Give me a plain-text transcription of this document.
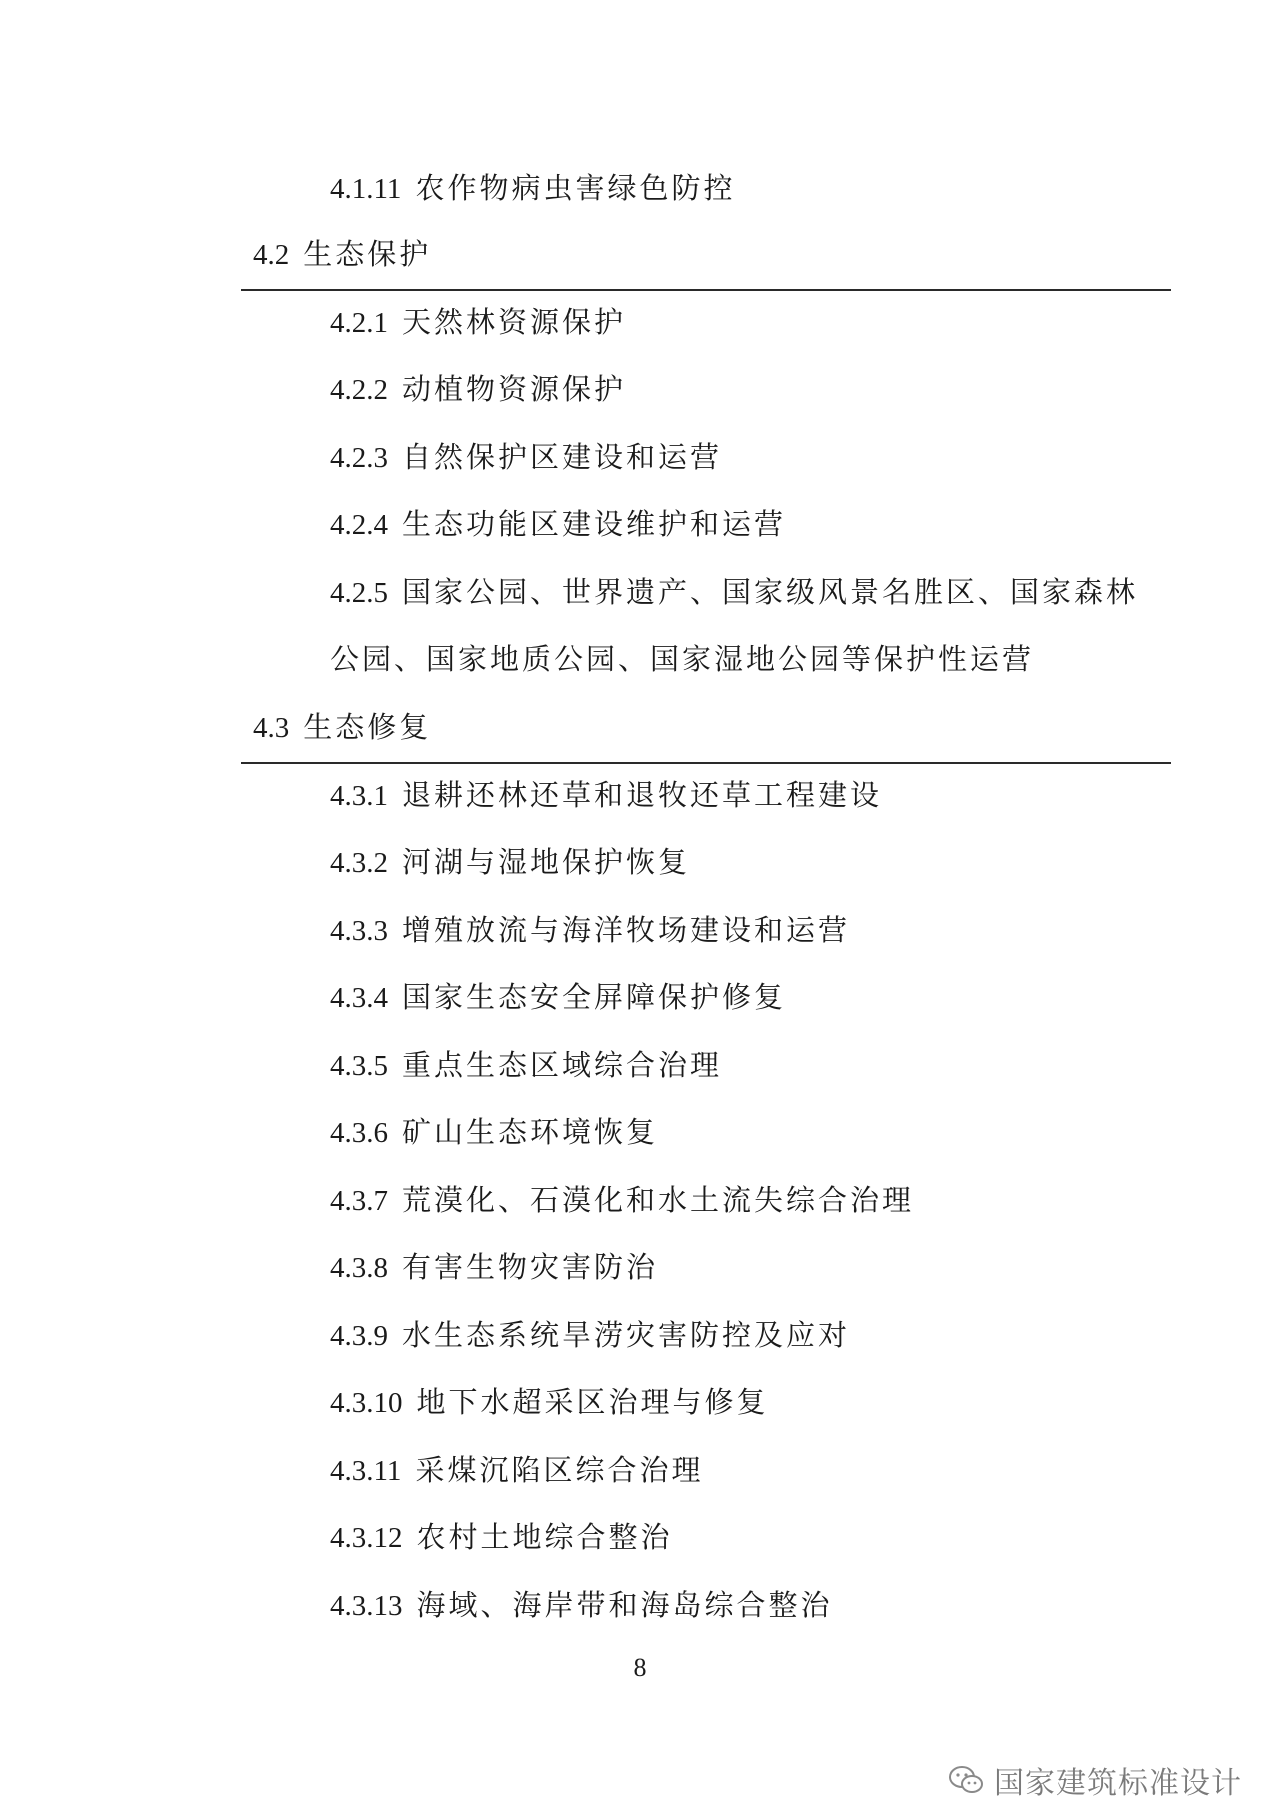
4.1.11 农作物病虫害绿色防控
4.2 生态保护
4.2.1 天然林资源保护
4.2.2 动植物资源保护
4.2.3 自然保护区建设和运营
4.2.4 生态功能区建设维护和运营
4.2.5 国家公园、世界遗产、国家级风景名胜区、国家森林
公园、国家地质公园、国家湿地公园等保护性运营
4.3 生态修复
4.3.1 退耕还林还草和退牧还草工程建设
4.3.2 河湖与湿地保护恢复
4.3.3 增殖放流与海洋牧场建设和运营
4.3.4 国家生态安全屏障保护修复
4.3.5 重点生态区域综合治理
4.3.6 矿山生态环境恢复
4.3.7 荒漠化、石漠化和水土流失综合治理
4.3.8 有害生物灾害防治
4.3.9 水生态系统旱涝灾害防控及应对
4.3.10 地下水超采区治理与修复
4.3.11 采煤沉陷区综合治理
4.3.12 农村土地综合整治
4.3.13 海域、海岸带和海岛综合整治
8
国家建筑标准设计
